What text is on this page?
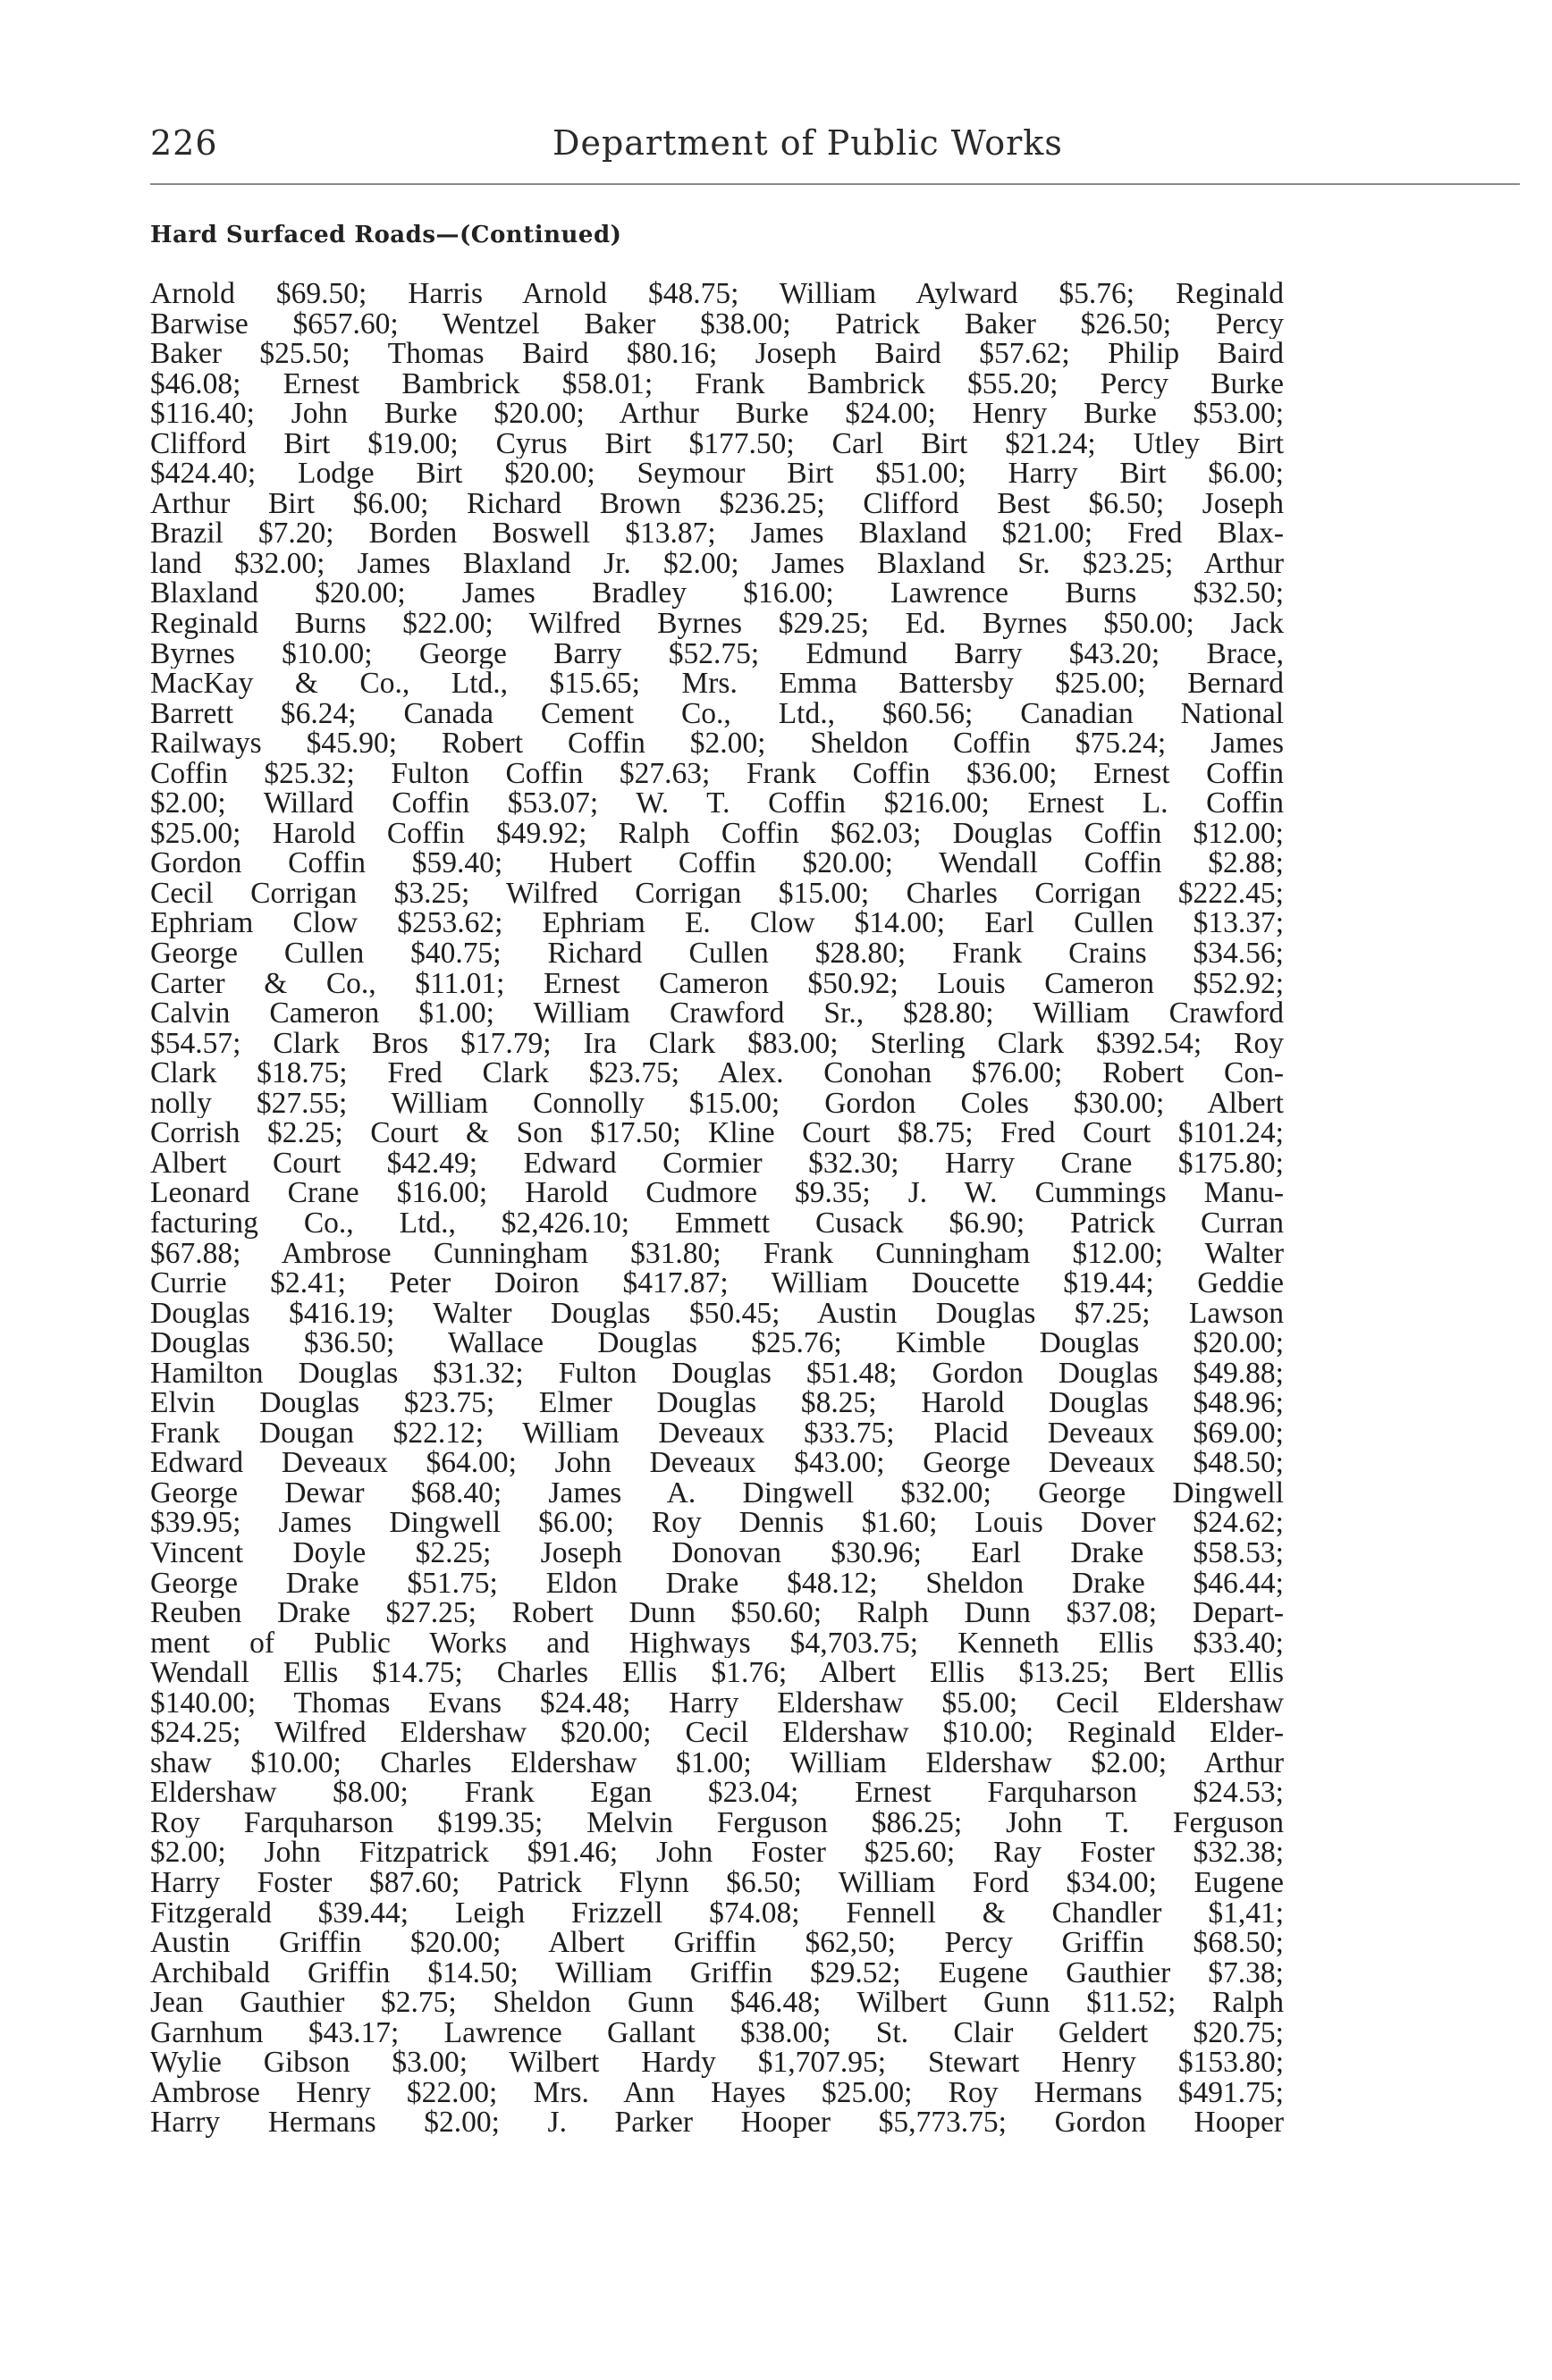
226	Department of Public Works
Hard Surfaced Roads—(Continued)
Arnold $69.50; Harris Arnold $48.75; William Aylward $5.76; Reginald
Barwise $657.60; Wentzel Baker $38.00; Patrick Baker $26.50; Percy
Baker $25.50; Thomas Baird $80.16; Joseph Baird $57.62; Philip Baird
$46.08; Ernest Bambrick $58.01; Frank Bambrick $55.20; Percy Burke
$116.40; John Burke $20.00; Arthur Burke $24.00; Henry Burke $53.00;
Clifford Birt $19.00; Cyrus Birt $177.50; Carl Birt $21.24; Utley Birt
$424.40; Lodge Birt $20.00; Seymour Birt $51.00; Harry Birt $6.00;
Arthur Birt $6.00; Richard Brown $236.25; Clifford Best $6.50; Joseph
Brazil $7.20; Borden Boswell $13.87; James Blaxland $21.00; Fred Blax-
land $32.00; James Blaxland Jr. $2.00; James Blaxland Sr. $23.25; Arthur
Blaxland $20.00; James Bradley $16.00; Lawrence Burns $32.50;
Reginald Burns $22.00; Wilfred Byrnes $29.25; Ed. Byrnes $50.00; Jack
Byrnes $10.00; George Barry $52.75; Edmund Barry $43.20; Brace,
MacKay & Co., Ltd., $15.65; Mrs. Emma Battersby $25.00; Bernard
Barrett $6.24; Canada Cement Co., Ltd., $60.56; Canadian National
Railways $45.90; Robert Coffin $2.00; Sheldon Coffin $75.24; James
Coffin $25.32; Fulton Coffin $27.63; Frank Coffin $36.00; Ernest Coffin
$2.00; Willard Coffin $53.07; W. T. Coffin $216.00; Ernest L. Coffin
$25.00; Harold Coffin $49.92; Ralph Coffin $62.03; Douglas Coffin $12.00;
Gordon Coffin $59.40; Hubert Coffin $20.00; Wendall Coffin $2.88;
Cecil Corrigan $3.25; Wilfred Corrigan $15.00; Charles Corrigan $222.45;
Ephriam Clow $253.62; Ephriam E. Clow $14.00; Earl Cullen $13.37;
George Cullen $40.75; Richard Cullen $28.80; Frank Crains $34.56;
Carter & Co., $11.01; Ernest Cameron $50.92; Louis Cameron $52.92;
Calvin Cameron $1.00; William Crawford Sr., $28.80; William Crawford
$54.57; Clark Bros $17.79; Ira Clark $83.00; Sterling Clark $392.54; Roy
Clark $18.75; Fred Clark $23.75; Alex. Conohan $76.00; Robert Con-
nolly $27.55; William Connolly $15.00; Gordon Coles $30.00; Albert
Corrish $2.25; Court & Son $17.50; Kline Court $8.75; Fred Court $101.24;
Albert Court $42.49; Edward Cormier $32.30; Harry Crane $175.80;
Leonard Crane $16.00; Harold Cudmore $9.35; J. W. Cummings Manu-
facturing Co., Ltd., $2,426.10; Emmett Cusack $6.90; Patrick Curran
$67.88; Ambrose Cunningham $31.80; Frank Cunningham $12.00; Walter
Currie $2.41; Peter Doiron $417.87; William Doucette $19.44; Geddie
Douglas $416.19; Walter Douglas $50.45; Austin Douglas $7.25; Lawson
Douglas $36.50; Wallace Douglas $25.76; Kimble Douglas $20.00;
Hamilton Douglas $31.32; Fulton Douglas $51.48; Gordon Douglas $49.88;
Elvin Douglas $23.75; Elmer Douglas $8.25; Harold Douglas $48.96;
Frank Dougan $22.12; William Deveaux $33.75; Placid Deveaux $69.00;
Edward Deveaux $64.00; John Deveaux $43.00; George Deveaux $48.50;
George Dewar $68.40; James A. Dingwell $32.00; George Dingwell
$39.95; James Dingwell $6.00; Roy Dennis $1.60; Louis Dover $24.62;
Vincent Doyle $2.25; Joseph Donovan $30.96; Earl Drake $58.53;
George Drake $51.75; Eldon Drake $48.12; Sheldon Drake $46.44;
Reuben Drake $27.25; Robert Dunn $50.60; Ralph Dunn $37.08; Depart-
ment of Public Works and Highways $4,703.75; Kenneth Ellis $33.40;
Wendall Ellis $14.75; Charles Ellis $1.76; Albert Ellis $13.25; Bert Ellis
$140.00; Thomas Evans $24.48; Harry Eldershaw $5.00; Cecil Eldershaw
$24.25; Wilfred Eldershaw $20.00; Cecil Eldershaw $10.00; Reginald Elder-
shaw $10.00; Charles Eldershaw $1.00; William Eldershaw $2.00; Arthur
Eldershaw $8.00; Frank Egan $23.04; Ernest Farquharson $24.53;
Roy Farquharson $199.35; Melvin Ferguson $86.25; John T. Ferguson
$2.00; John Fitzpatrick $91.46; John Foster $25.60; Ray Foster $32.38;
Harry Foster $87.60; Patrick Flynn $6.50; William Ford $34.00; Eugene
Fitzgerald $39.44; Leigh Frizzell $74.08; Fennell & Chandler $1,41;
Austin Griffin $20.00; Albert Griffin $62,50; Percy Griffin $68.50;
Archibald Griffin $14.50; William Griffin $29.52; Eugene Gauthier $7.38;
Jean Gauthier $2.75; Sheldon Gunn $46.48; Wilbert Gunn $11.52; Ralph
Garnhum $43.17; Lawrence Gallant $38.00; St. Clair Geldert $20.75;
Wylie Gibson $3.00; Wilbert Hardy $1,707.95; Stewart Henry $153.80;
Ambrose Henry $22.00; Mrs. Ann Hayes $25.00; Roy Hermans $491.75;
Harry Hermans $2.00; J. Parker Hooper $5,773.75; Gordon Hooper
